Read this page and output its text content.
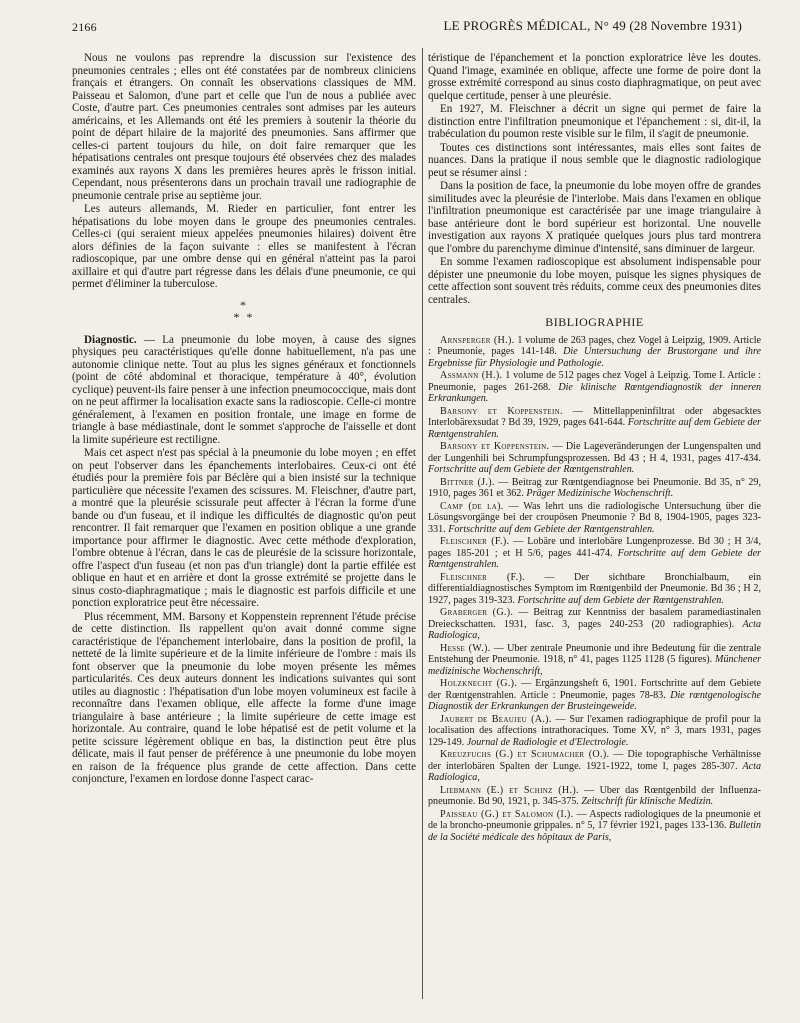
2166	LE PROGRÈS MÉDICAL, N° 49 (28 Novembre 1931)

Nous ne voulons pas reprendre la discussion sur l'existence des pneumonies centrales ; elles ont été constatées par de nombreux cliniciens français et étrangers. On connaît les observations classiques de MM. Paisseau et Salomon, d'une part et celle que l'un de nous a publiée avec Coste, d'autre part. Ces pneumonies centrales sont admises par les auteurs américains, et les Allemands ont été les premiers à soutenir la théorie du point de départ hilaire de la majorité des pneumonies. Sans affirmer que celles-ci partent toujours du hile, on doit faire remarquer que les hépatisations centrales ont presque toujours été observées chez des malades examinés aux rayons X dans les premières heures après le frisson initial. Cependant, nous présenterons dans un prochain travail une radiographie de pneumonie centrale prise au septième jour.

Les auteurs allemands, M. Rieder en particulier, font entrer les hépatisations du lobe moyen dans le groupe des pneumonies centrales. Celles-ci (qui seraient mieux appelées pneumonies hilaires) doivent être alors définies de la façon suivante : elles se manifestent à l'écran radioscopique, par une ombre dense qui en général n'atteint pas la paroi axillaire et qui d'autre part régresse dans les délais d'une pneumonie, ce qui permet d'éliminer la tuberculose.

*
* *

Diagnostic. — La pneumonie du lobe moyen, à cause des signes physiques peu caractéristiques qu'elle donne habituellement, n'a pas une autonomie clinique nette. Tout au plus les signes généraux et fonctionnels (point de côté abdominal et thoracique, température à 40°, évolution cyclique) peuvent-ils faire penser à une infection pneumococcique, mais dont on ne peut affirmer la localisation exacte sans la radioscopie. Celle-ci montre généralement, à l'examen en position frontale, une image en forme de triangle à base médiastinale, dont le sommet s'approche de l'aisselle et dont la limite supérieure est rectiligne.

Mais cet aspect n'est pas spécial à la pneumonie du lobe moyen ; en effet on peut l'observer dans les épanchements interlobaires. Ceux-ci ont été étudiés pour la première fois par Béclère qui a bien insisté sur la technique particulière que nécessite l'examen des scissures. M. Fleischner, d'autre part, a montré que la pleurésie scissurale peut affecter à l'écran la forme d'une bande ou d'un fuseau, et il indique les difficultés de diagnostic qu'on peut rencontrer. Il fait remarquer que l'examen en position oblique a une grande importance pour affirmer le diagnostic. Avec cette méthode d'exploration, l'ombre obtenue à l'écran, dans le cas de pleurésie de la scissure horizontale, offre l'aspect d'un fuseau (et non pas d'un triangle) dont la partie effilée est oblique en haut et en arrière et dont la grosse extrémité se projette dans le sinus costo-diaphragmatique ; mais le diagnostic est parfois difficile et une ponction exploratrice peut être nécessaire.

Plus récemment, MM. Barsony et Koppenstein reprennent l'étude précise de cette distinction. Ils rappellent qu'on avait donné comme signe caractéristique de l'épanchement interlobaire, dans la position de profil, la netteté de la limite supérieure et de la limite inférieure de l'ombre : mais ils font observer que la pneumonie du lobe moyen présente les mêmes particularités. Ces deux auteurs donnent les indications suivantes qui sont utiles au diagnostic : l'hépatisation d'un lobe moyen volumineux est facile à reconnaître dans l'examen oblique, elle affecte la forme d'une image triangulaire à base antérieure ; la limite supérieure de cette image est horizontale. Au contraire, quand le lobe hépatisé est de petit volume et la petite scissure légèrement oblique en bas, la distinction peut être plus délicate, mais il faut penser de préférence à une pneumonie du lobe moyen en raison de la fréquence plus grande de cette affection. Dans cette conjoncture, l'examen en lordose donne l'aspect carac-

téristique de l'épanchement et la ponction exploratrice lève les doutes. Quand l'image, examinée en oblique, affecte une forme de poire dont la grosse extrémité correspond au sinus costo diaphragmatique, on peut avec quelque certitude, penser à une pleurésie.

En 1927, M. Fleischner a décrit un signe qui permet de faire la distinction entre l'infiltration pneumonique et l'épanchement : si, dit-il, la trabéculation du poumon reste visible sur le film, il s'agit de pneumonie.

Toutes ces distinctions sont intéressantes, mais elles sont faites de nuances. Dans la pratique il nous semble que le diagnostic radiologique peut se résumer ainsi :

Dans la position de face, la pneumonie du lobe moyen offre de grandes similitudes avec la pleurésie de l'interlobe. Mais dans l'examen en oblique l'infiltration pneumonique est caractérisée par une image triangulaire à base antérieure dont le bord supérieur est horizontal. Une nouvelle investigation aux rayons X pratiquée quelques jours plus tard montrera que l'ombre du parenchyme diminue d'intensité, sans diminuer de largeur.

En somme l'examen radioscopique est absolument indispensable pour dépister une pneumonie du lobe moyen, puisque les signes physiques de cette affection sont souvent très réduits, comme ceux des pneumonies dites centrales.

BIBLIOGRAPHIE

Arnsperger (H.). 1 volume de 263 pages, chez Vogel à Leipzig, 1909. Article : Pneumonie, pages 141-148. Die Untersuchung der Brustorgane und ihre Ergebnisse für Physiologie und Pathologie.

Assmann (H.). 1 volume de 512 pages chez Vogel à Leipzig. Tome I. Article : Pneumonie, pages 261-268. Die klinische Rœntgendiagnostik der inneren Erkrankungen.

Barsony et Koppenstein. — Mittellappeninfiltrat oder abgesacktes Interlobärexsudat ? Bd 39, 1929, pages 641-644. Fortschritte auf dem Gebiete der Rœntgenstrahlen.

Barsony et Koppenstein. — Die Lageveränderungen der Lungenspalten und der Lungenhili bei Schrumpfungsprozessen. Bd 43 ; H 4, 1931, pages 417-434. Fortschritte auf dem Gebiete der Rœntgenstrahlen.

Bittner (J.). — Beitrag zur Rœntgendiagnose bei Pneumonie. Bd 35, n° 29, 1910, pages 361 et 362. Präger Medizinische Wochenschrift.

Camp (de la). — Was lehrt uns die radiologische Untersuchung über die Lösungsvorgänge bei der croupösen Pneumonie ? Bd 8, 1904-1905, pages 323-331. Fortschritte auf dem Gebiete der Rœntgenstrahlen.

Fleischner (F.). — Lobäre und interlobäre Lungenprozesse. Bd 30 ; H 3/4, pages 185-201 ; et H 5/6, pages 441-474. Fortschritte auf dem Gebiete der Rœntgenstrahlen.

Fleischner (F.). — Der sichtbare Bronchialbaum, ein differentialdiagnostisches Symptom im Rœntgenbild der Pneumonie. Bd 36 ; H 2, 1927, pages 319-323. Fortschritte auf dem Gebiete der Rœntgenstrahlen.

Graberger (G.). — Beitrag zur Kenntniss der basalem paramediastinalen Dreieckschatten. 1931, fasc. 3, pages 240-253 (20 radiographies). Acta Radiologica,

Hesse (W.). — Uber zentrale Pneumonie und ihre Bedeutung für die zentrale Entstehung der Pneumonie. 1918, n° 41, pages 1125 1128 (5 figures). Münchener medizinische Wochenschrift,

Holzknecht (G.). — Ergänzungsheft 6, 1901. Fortschritte auf dem Gebiete der Rœntgenstrahlen. Article : Pneumonie, pages 78-83. Die rœntgenologische Diagnostik der Erkrankungen der Brusteingeweide.

Jaubert de Beaujeu (A.). — Sur l'examen radiographique de profil pour la localisation des affections intrathoraciques. Tome XV, n° 3, mars 1931, pages 129-149. Journal de Radiologie et d'Electrologie.

Kreuzfuchs (G.) et Schumacher (O.). — Die topographische Verhältnisse der interlobären Spalten der Lunge. 1921-1922, tome I, pages 285-307. Acta Radiologica,

Liebmann (E.) et Schinz (H.). — Uber das Rœntgenbild der Influenza-pneumonie. Bd 90, 1921, p. 345-375. Zeitschrift für klinische Medizin.

Paisseau (G.) et Salomon (I.). — Aspects radiologiques de la pneumonie et de la broncho-pneumonie grippales. n° 5, 17 février 1921, pages 133-136. Bulletin de la Société médicale des hôpitaux de Paris,
